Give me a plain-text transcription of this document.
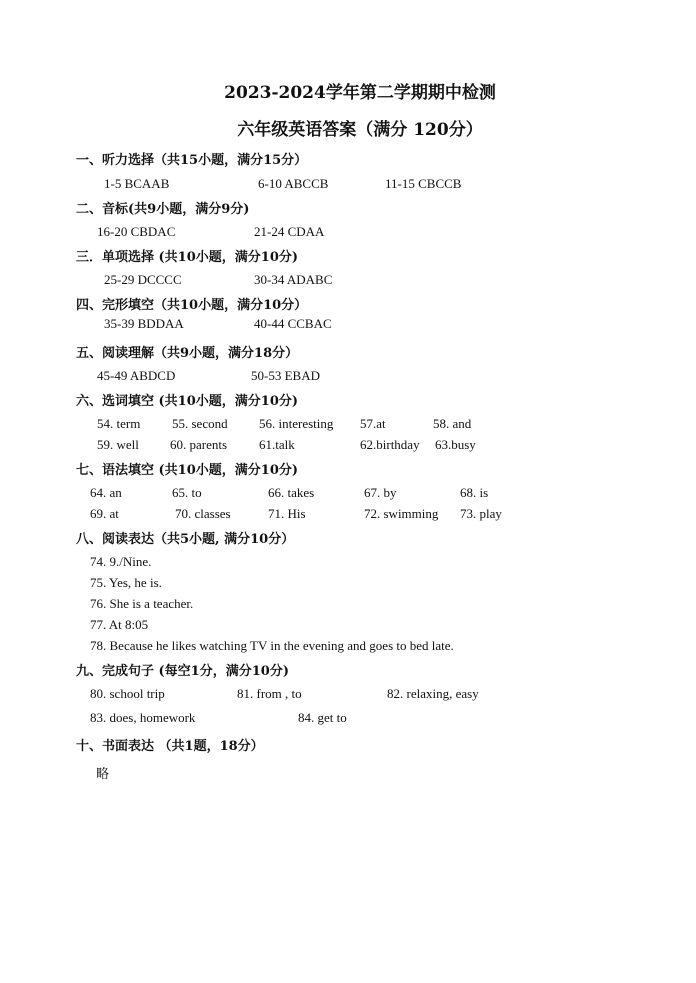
2023-2024学年第二学期期中检测
六年级英语答案（满分 120分）
一、听力选择（共15小题，满分15分）
1-5 BCAAB	6-10 ABCCB	11-15 CBCCB
二、音标(共9小题，满分9分)
16-20 CBDAC	21-24 CDAA
三．单项选择 (共10小题，满分10分)
25-29 DCCCC	30-34 ADABC
四、完形填空（共10小题，满分10分）
35-39 BDDAA	40-44 CCBAC
五、阅读理解（共9小题，满分18分）
45-49 ABDCD	50-53 EBAD
六、选词填空 (共10小题，满分10分)
54. term 55. second 56. interesting 57.at	58. and
59. well 60. parents 61.talk	62.birthday 63.busy
七、语法填空 (共10小题，满分10分)
64. an	65. to	66. takes	67. by	68. is
69. at	70. classes	71. His	72. swimming 73. play
八、阅读表达（共5小题, 满分10分）
74. 9./Nine.
75. Yes, he is.
76. She is a teacher.
77. At 8:05
78. Because he likes watching TV in the evening and goes to bed late.
九、完成句子 (每空1分，满分10分)
80. school trip	81. from , to	82. relaxing, easy
83. does, homework	84. get to
十、书面表达 （共1题，18分）
略
